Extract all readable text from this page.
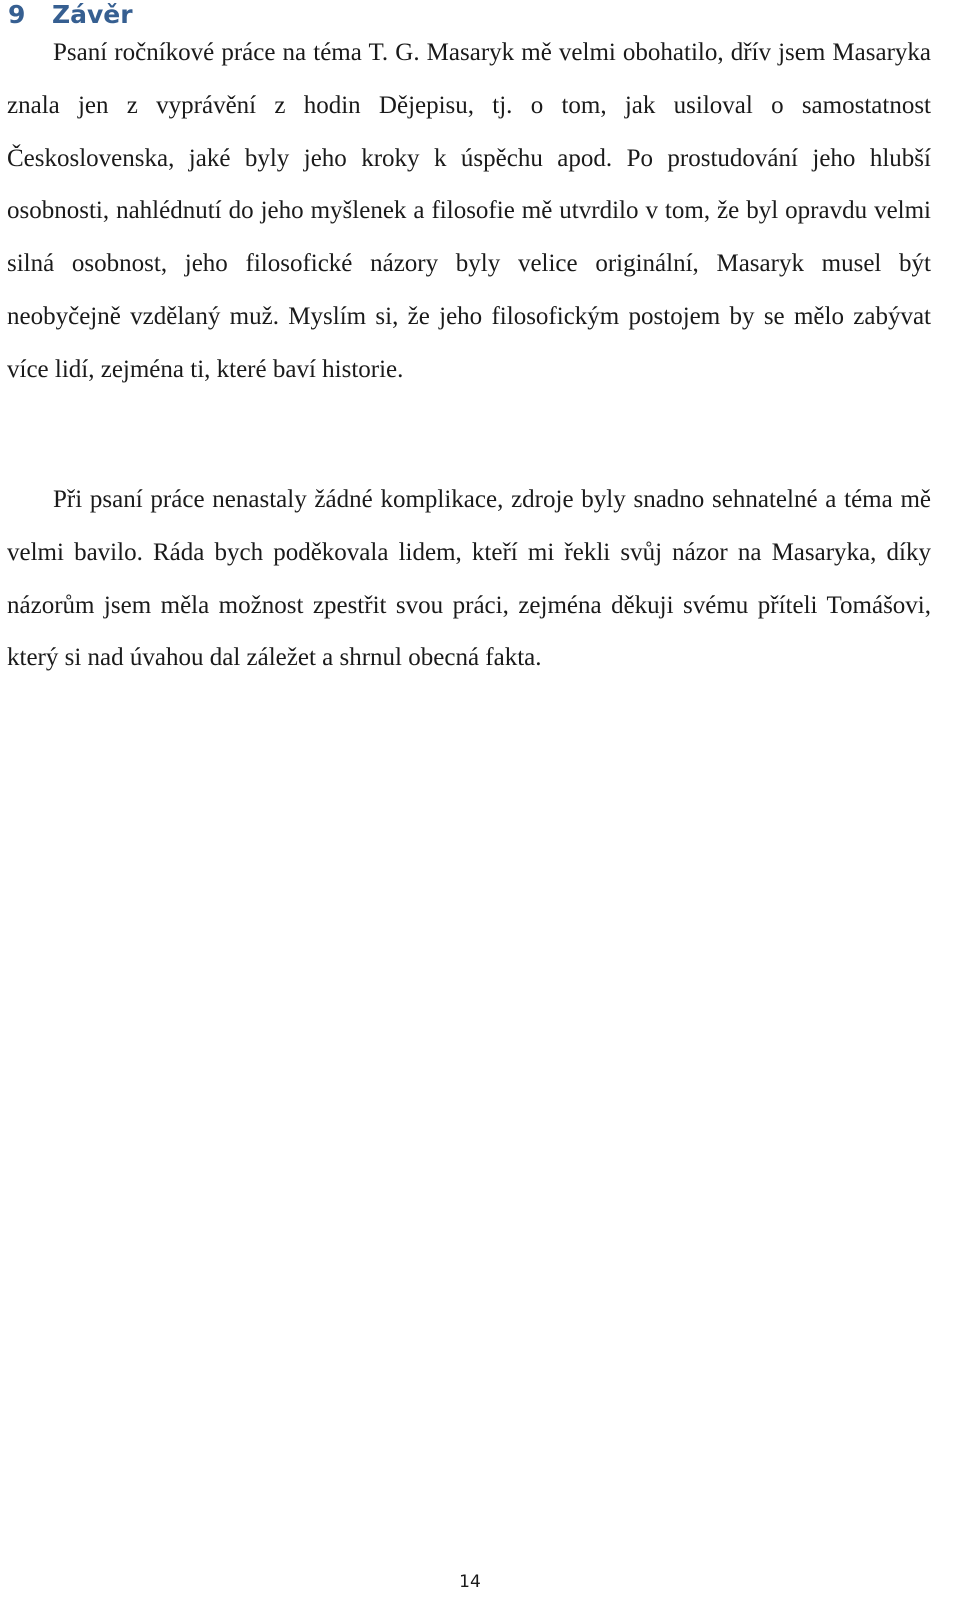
9 Závěr

Psaní ročníkové práce na téma T. G. Masaryk mě velmi obohatilo, dřív jsem Masaryka znala jen z vyprávění z hodin Dějepisu, tj. o tom, jak usiloval o samostatnost Československa, jaké byly jeho kroky k úspěchu apod. Po prostudování jeho hlubší osobnosti, nahlédnutí do jeho myšlenek a filosofie mě utvrdilo v tom, že byl opravdu velmi silná osobnost, jeho filosofické názory byly velice originální, Masaryk musel být neobyčejně vzdělaný muž. Myslím si, že jeho filosofickým postojem by se mělo zabývat více lidí, zejména ti, které baví historie.

Při psaní práce nenastaly žádné komplikace, zdroje byly snadno sehnatelné a téma mě velmi bavilo. Ráda bych poděkovala lidem, kteří mi řekli svůj názor na Masaryka, díky názorům jsem měla možnost zpestřit svou práci, zejména děkuji svému příteli Tomášovi, který si nad úvahou dal záležet a shrnul obecná fakta.

14
